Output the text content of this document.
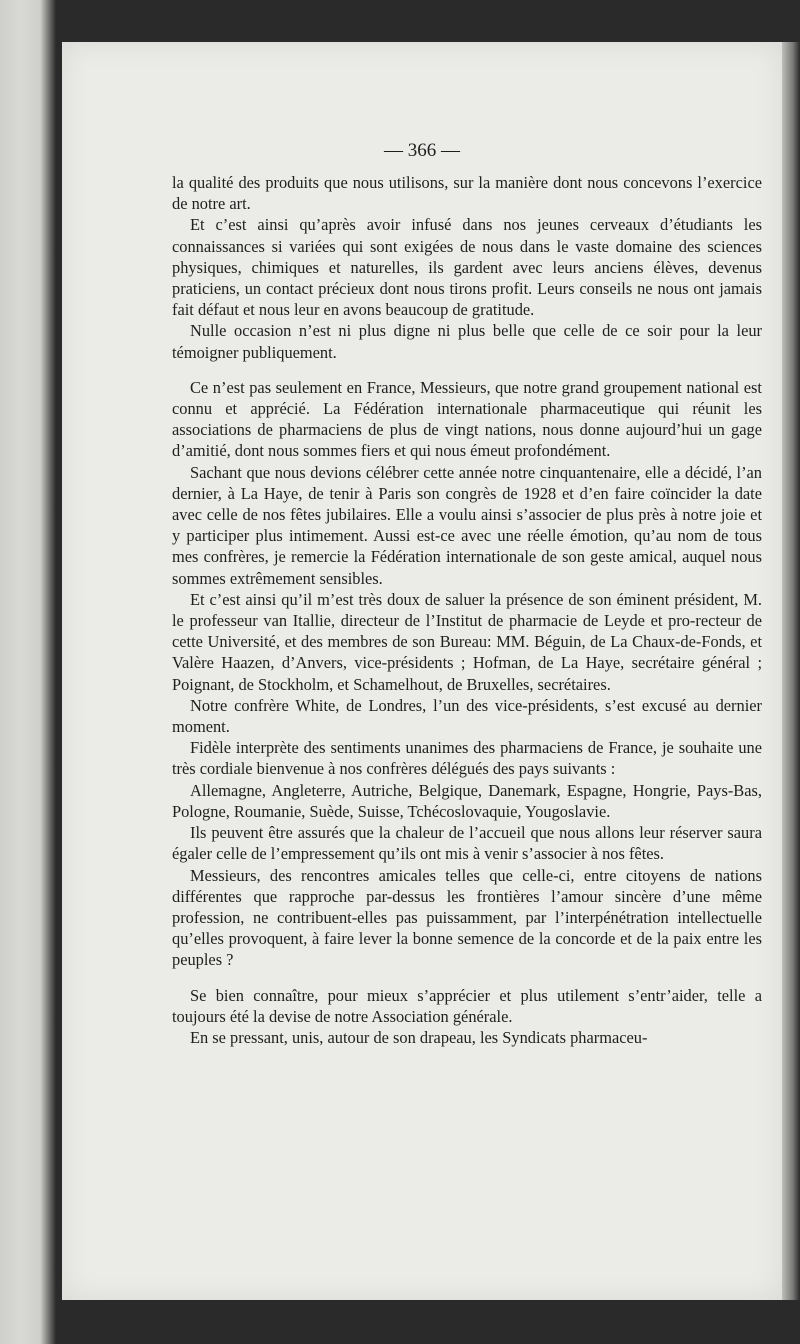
— 366 —

la qualité des produits que nous utilisons, sur la manière dont nous concevons l’exercice de notre art.

Et c’est ainsi qu’après avoir infusé dans nos jeunes cerveaux d’étudiants les connaissances si variées qui sont exigées de nous dans le vaste domaine des sciences physiques, chimiques et naturelles, ils gardent avec leurs anciens élèves, devenus praticiens, un contact précieux dont nous tirons profit. Leurs conseils ne nous ont jamais fait défaut et nous leur en avons beaucoup de gratitude.

Nulle occasion n’est ni plus digne ni plus belle que celle de ce soir pour la leur témoigner publiquement.

Ce n’est pas seulement en France, Messieurs, que notre grand groupement national est connu et apprécié. La Fédération internationale pharmaceutique qui réunit les associations de pharmaciens de plus de vingt nations, nous donne aujourd’hui un gage d’amitié, dont nous sommes fiers et qui nous émeut profondément.

Sachant que nous devions célébrer cette année notre cinquantenaire, elle a décidé, l’an dernier, à La Haye, de tenir à Paris son congrès de 1928 et d’en faire coïncider la date avec celle de nos fêtes jubilaires. Elle a voulu ainsi s’associer de plus près à notre joie et y participer plus intimement. Aussi est-ce avec une réelle émotion, qu’au nom de tous mes confrères, je remercie la Fédération internationale de son geste amical, auquel nous sommes extrêmement sensibles.

Et c’est ainsi qu’il m’est très doux de saluer la présence de son éminent président, M. le professeur van Itallie, directeur de l’Institut de pharmacie de Leyde et pro-recteur de cette Université, et des membres de son Bureau: MM. Béguin, de La Chaux-de-Fonds, et Valère Haazen, d’Anvers, vice-présidents ; Hofman, de La Haye, secrétaire général ; Poignant, de Stockholm, et Schamelhout, de Bruxelles, secrétaires.

Notre confrère White, de Londres, l’un des vice-présidents, s’est excusé au dernier moment.

Fidèle interprète des sentiments unanimes des pharmaciens de France, je souhaite une très cordiale bienvenue à nos confrères délégués des pays suivants :

Allemagne, Angleterre, Autriche, Belgique, Danemark, Espagne, Hongrie, Pays-Bas, Pologne, Roumanie, Suède, Suisse, Tchécoslovaquie, Yougoslavie.

Ils peuvent être assurés que la chaleur de l’accueil que nous allons leur réserver saura égaler celle de l’empressement qu’ils ont mis à venir s’associer à nos fêtes.

Messieurs, des rencontres amicales telles que celle-ci, entre citoyens de nations différentes que rapproche par-dessus les frontières l’amour sincère d’une même profession, ne contribuent-elles pas puissamment, par l’interpénétration intellectuelle qu’elles provoquent, à faire lever la bonne semence de la concorde et de la paix entre les peuples ?

Se bien connaître, pour mieux s’apprécier et plus utilement s’entr’aider, telle a toujours été la devise de notre Association générale.

En se pressant, unis, autour de son drapeau, les Syndicats pharmaceu-
